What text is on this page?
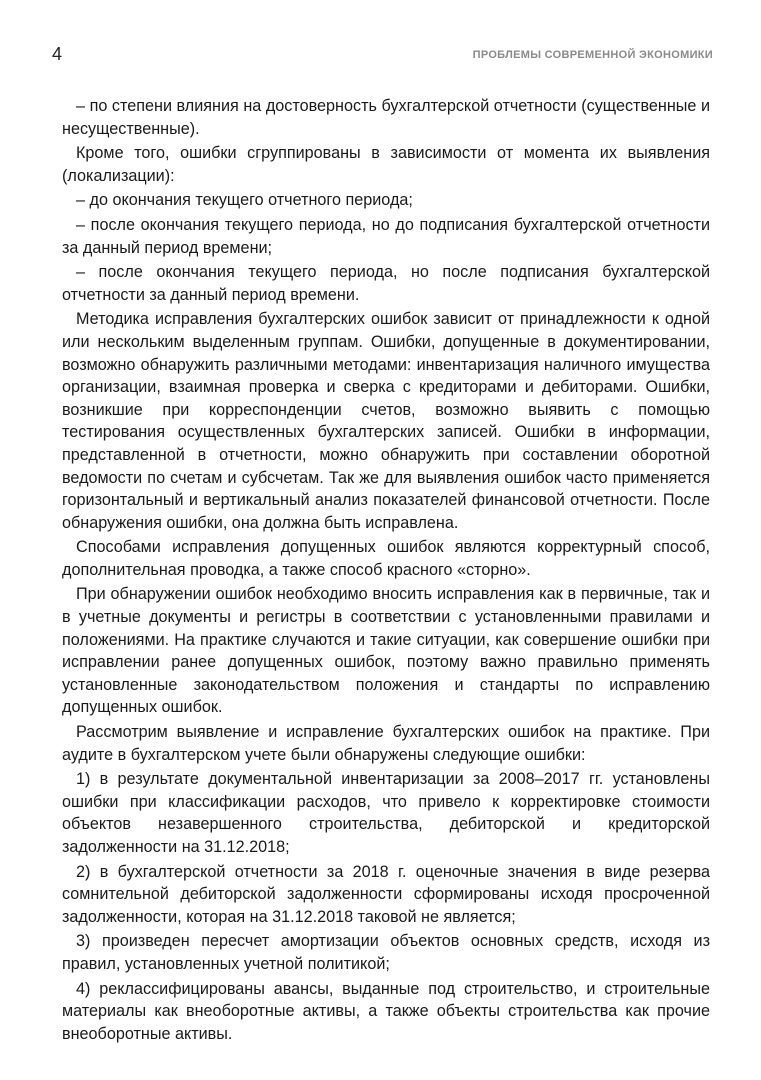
4	ПРОБЛЕМЫ СОВРЕМЕННОЙ ЭКОНОМИКИ

– по степени влияния на достоверность бухгалтерской отчетности (существенные и несущественные).

Кроме того, ошибки сгруппированы в зависимости от момента их выявления (локализации):

– до окончания текущего отчетного периода;

– после окончания текущего периода, но до подписания бухгалтерской отчетности за данный период времени;

– после окончания текущего периода, но после подписания бухгалтерской отчетности за данный период времени.

Методика исправления бухгалтерских ошибок зависит от принадлежности к одной или нескольким выделенным группам. Ошибки, допущенные в документировании, возможно обнаружить различными методами: инвентаризация наличного имущества организации, взаимная проверка и сверка с кредиторами и дебиторами. Ошибки, возникшие при корреспонденции счетов, возможно выявить с помощью тестирования осуществленных бухгалтерских записей. Ошибки в информации, представленной в отчетности, можно обнаружить при составлении оборотной ведомости по счетам и субсчетам. Так же для выявления ошибок часто применяется горизонтальный и вертикальный анализ показателей финансовой отчетности. После обнаружения ошибки, она должна быть исправлена.

Способами исправления допущенных ошибок являются корректурный способ, дополнительная проводка, а также способ красного «сторно».

При обнаружении ошибок необходимо вносить исправления как в первичные, так и в учетные документы и регистры в соответствии с установленными правилами и положениями. На практике случаются и такие ситуации, как совершение ошибки при исправлении ранее допущенных ошибок, поэтому важно правильно применять установленные законодательством положения и стандарты по исправлению допущенных ошибок.

Рассмотрим выявление и исправление бухгалтерских ошибок на практике. При аудите в бухгалтерском учете были обнаружены следующие ошибки:

1) в результате документальной инвентаризации за 2008–2017 гг. установлены ошибки при классификации расходов, что привело к корректировке стоимости объектов незавершенного строительства, дебиторской и кредиторской задолженности на 31.12.2018;

2) в бухгалтерской отчетности за 2018 г. оценочные значения в виде резерва сомнительной дебиторской задолженности сформированы исходя просроченной задолженности, которая на 31.12.2018 таковой не является;

3) произведен пересчет амортизации объектов основных средств, исходя из правил, установленных учетной политикой;

4) реклассифицированы авансы, выданные под строительство, и строительные материалы как внеоборотные активы, а также объекты строительства как прочие внеоборотные активы.
